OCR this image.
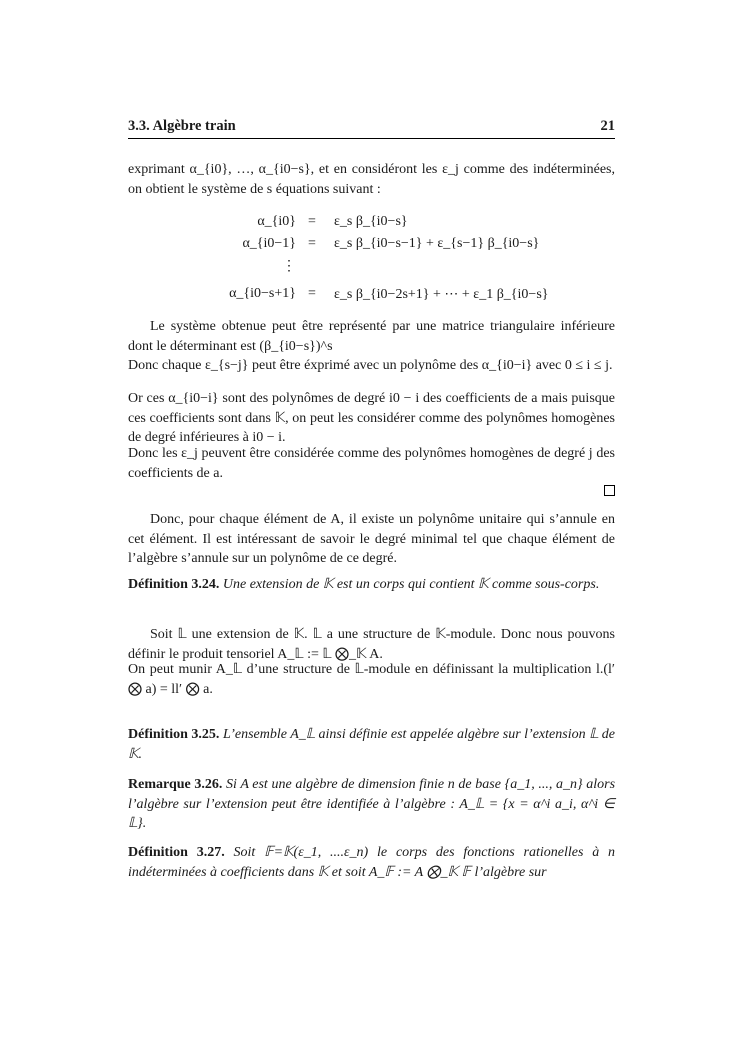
3.3. Algèbre train	21
exprimant α_{i0}, …, α_{i0−s}, et en considéront les ε_j comme des indéterminées, on obtient le système de s équations suivant :
α_{i0} = ε_s β_{i0−s}
α_{i0−1} = ε_s β_{i0−s−1} + ε_{s−1} β_{i0−s}
⋮
α_{i0−s+1} = ε_s β_{i0−2s+1} + ⋯ + ε_1 β_{i0−s}
Le système obtenue peut être représenté par une matrice triangulaire inférieure dont le déterminant est (β_{i0−s})^s
Donc chaque ε_{s−j} peut être éxprimé avec un polynôme des α_{i0−i} avec 0 ≤ i ≤ j.
Or ces α_{i0−i} sont des polynômes de degré i0 − i des coefficients de a mais puisque ces coefficients sont dans 𝕂, on peut les considérer comme des polynômes homogènes de degré inférieures à i0 − i.
Donc les ε_j peuvent être considérée comme des polynômes homogènes de degré j des coefficients de a.
Donc, pour chaque élément de A, il existe un polynôme unitaire qui s’annule en cet élément. Il est intéressant de savoir le degré minimal tel que chaque élément de l’algèbre s’annule sur un polynôme de ce degré.
Définition 3.24. Une extension de 𝕂 est un corps qui contient 𝕂 comme sous-corps.
Soit 𝕃 une extension de 𝕂. 𝕃 a une structure de 𝕂-module. Donc nous pouvons définir le produit tensoriel A_𝕃 := 𝕃 ⨂_𝕂 A.
On peut munir A_𝕃 d’une structure de 𝕃-module en définissant la multiplication l.(l′ ⨂ a) = ll′ ⨂ a.
Définition 3.25. L’ensemble A_𝕃 ainsi définie est appelée algèbre sur l’extension 𝕃 de 𝕂.
Remarque 3.26. Si A est une algèbre de dimension finie n de base {a_1, ..., a_n} alors l’algèbre sur l’extension peut être identifiée à l’algèbre : A_𝕃 = {x = α^i a_i, α^i ∈ 𝕃}.
Définition 3.27. Soit 𝔽=𝕂(ε_1, ....ε_n) le corps des fonctions rationelles à n indéterminées à coefficients dans 𝕂 et soit A_𝔽 := A ⨂_𝕂 𝔽 l’algèbre sur
